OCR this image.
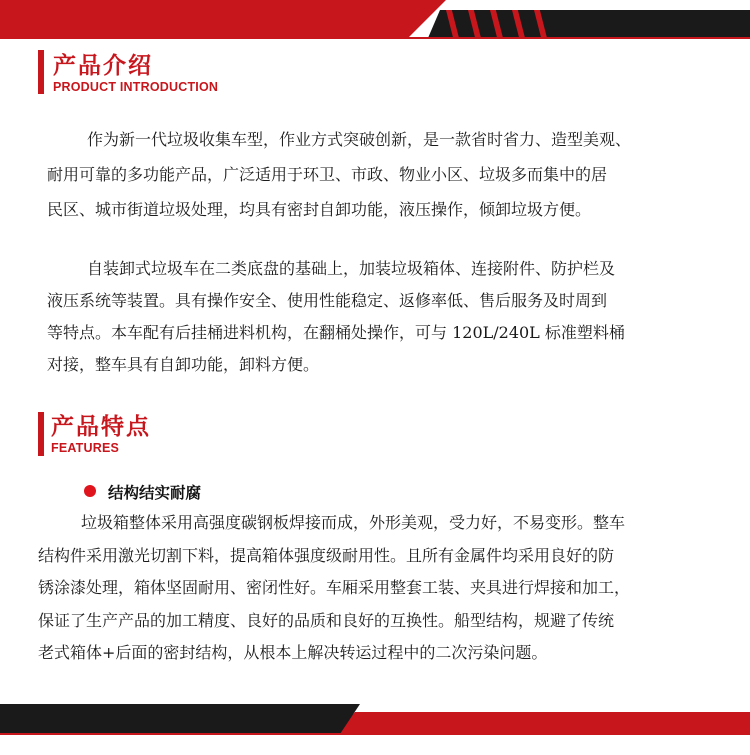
产品介绍
PRODUCT INTRODUCTION

作为新一代垃圾收集车型，作业方式突破创新，是一款省时省力、造型美观、

耐用可靠的多功能产品，广泛适用于环卫、市政、物业小区、垃圾多而集中的居

民区、城市街道垃圾处理，均具有密封自卸功能，液压操作，倾卸垃圾方便。

自装卸式垃圾车在二类底盘的基础上，加装垃圾箱体、连接附件、防护栏及

液压系统等装置。具有操作安全、使用性能稳定、返修率低、售后服务及时周到

等特点。本车配有后挂桶进料机构，在翻桶处操作，可与 120L/240L 标准塑料桶

对接，整车具有自卸功能，卸料方便。

产品特点
FEATURES
结构结实耐腐

垃圾箱整体采用高强度碳钢板焊接而成，外形美观，受力好，不易变形。整车

结构件采用激光切割下料，提高箱体强度级耐用性。且所有金属件均采用良好的防

锈涂漆处理，箱体坚固耐用、密闭性好。车厢采用整套工装、夹具进行焊接和加工，

保证了生产产品的加工精度、良好的品质和良好的互换性。船型结构，规避了传统

老式箱体+后面的密封结构，从根本上解决转运过程中的二次污染问题。
